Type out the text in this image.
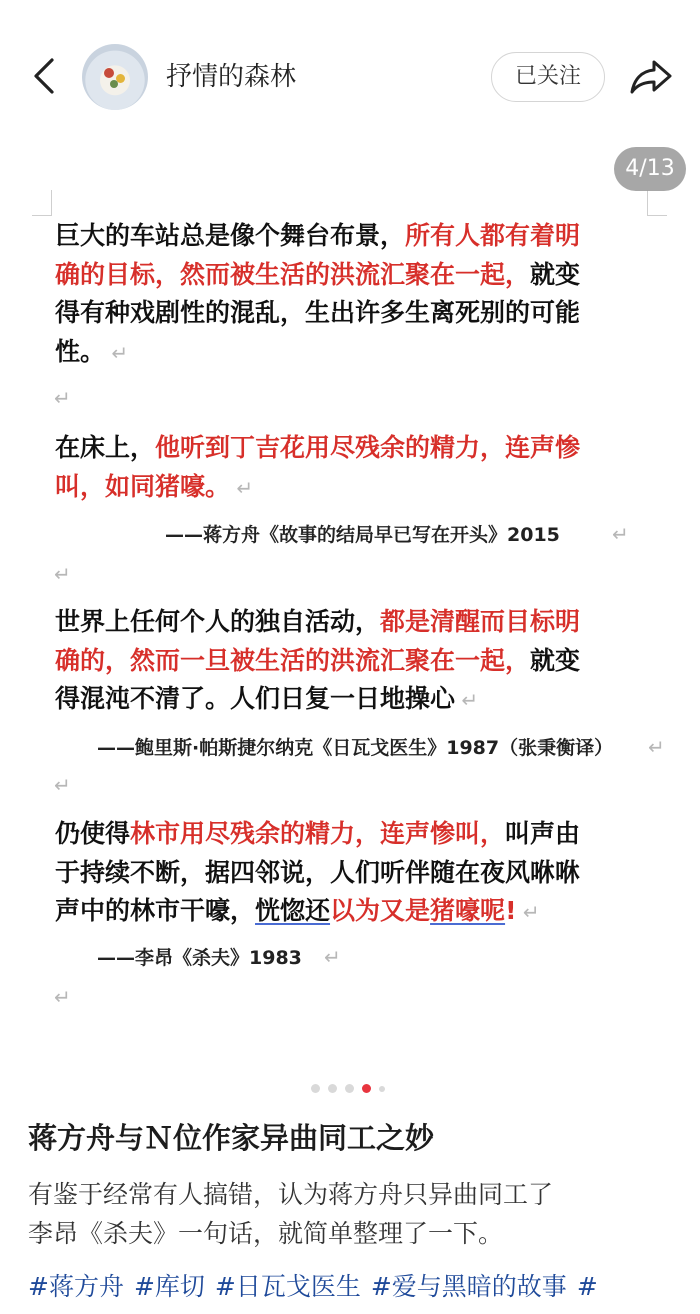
抒情的森林	已关注
4/13
巨大的车站总是像个舞台布景，所有人都有着明
确的目标，然而被生活的洪流汇聚在一起，就变
得有种戏剧性的混乱，生出许多生离死别的可能
性。 ↵
在床上，他听到丁吉花用尽残余的精力，连声惨
叫，如同猪嚎。 ↵
世界上任何个人的独自活动，都是清醒而目标明
确的，然而一旦被生活的洪流汇聚在一起，就变
得混沌不清了。人们日复一日地操心 ↵
仍使得林市用尽残余的精力，连声惨叫，叫声由
于持续不断，据四邻说，人们听伴随在夜风咻咻
声中的林市干嚎，恍惚还以为又是猪嚎呢! ↵
——蒋方舟《故事的结局早已写在开头》2015	↵
——鲍里斯·帕斯捷尔纳克《日瓦戈医生》1987（张秉衡译） ↵
——李昂《杀夫》1983 ↵
↵
↵
↵
↵
蒋方舟与Ｎ位作家异曲同工之妙
有鉴于经常有人搞错，认为蒋方舟只异曲同工了
李昂《杀夫》一句话，就简单整理了一下。
#蒋方舟 #库切 #日瓦戈医生 #爱与黑暗的故事 #
